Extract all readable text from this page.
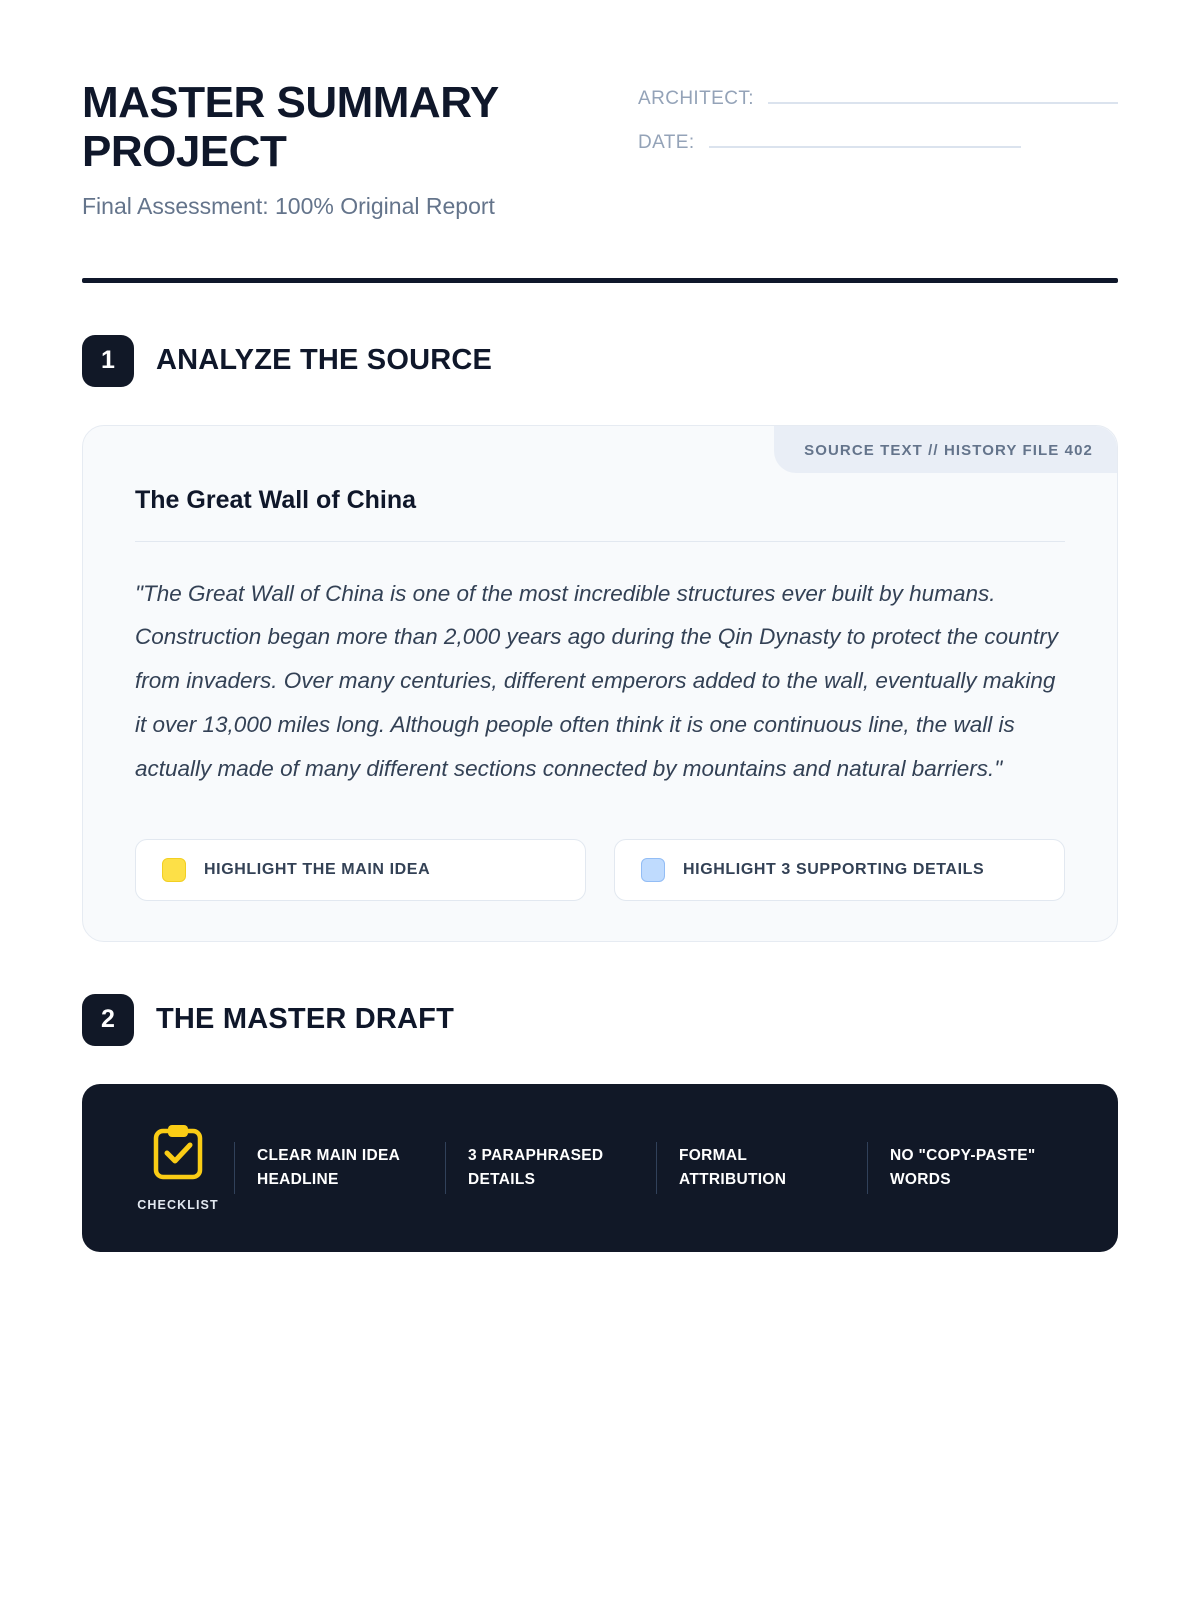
MASTER SUMMARY PROJECT
Final Assessment: 100% Original Report
ARCHITECT:
DATE:
1	ANALYZE THE SOURCE
SOURCE TEXT // HISTORY FILE 402
The Great Wall of China
"The Great Wall of China is one of the most incredible structures ever built by humans. Construction began more than 2,000 years ago during the Qin Dynasty to protect the country from invaders. Over many centuries, different emperors added to the wall, eventually making it over 13,000 miles long. Although people often think it is one continuous line, the wall is actually made of many different sections connected by mountains and natural barriers."
HIGHLIGHT THE MAIN IDEA	HIGHLIGHT 3 SUPPORTING DETAILS
2	THE MASTER DRAFT
CHECKLIST
CLEAR MAIN IDEA HEADLINE
3 PARAPHRASED DETAILS
FORMAL ATTRIBUTION
NO "COPY-PASTE" WORDS
